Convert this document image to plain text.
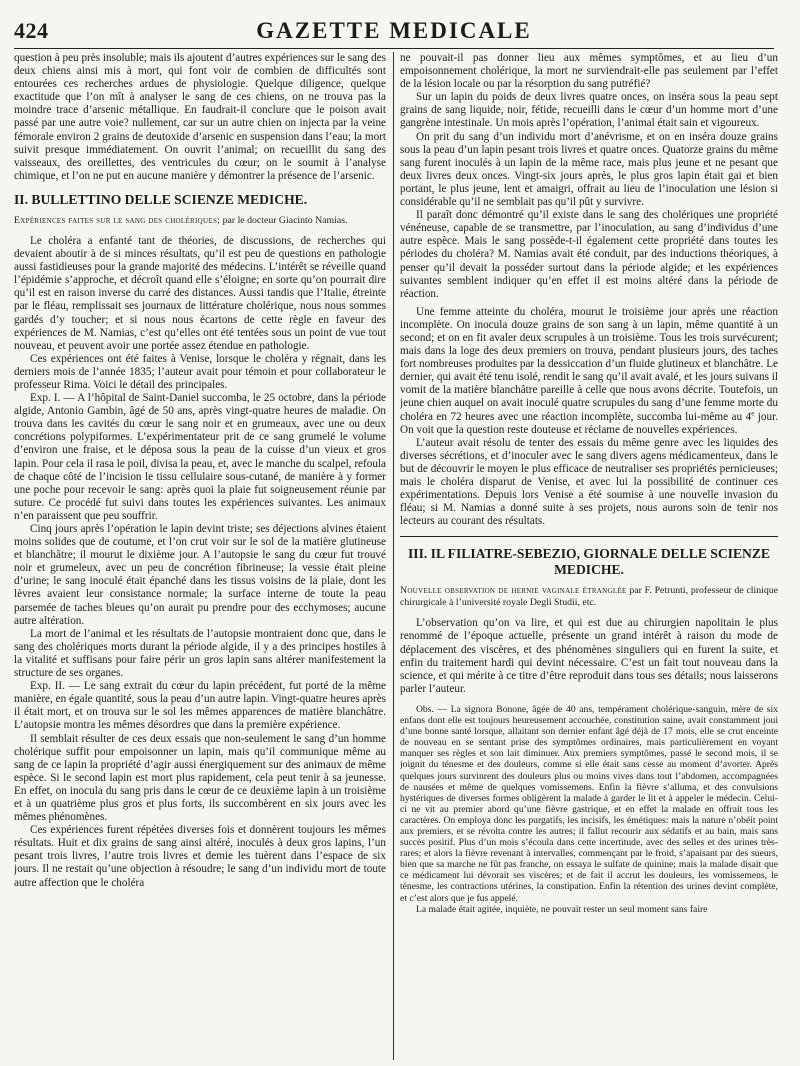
424	GAZETTE MEDICALE

question à peu près insoluble; mais ils ajoutent d’autres expériences sur le sang des deux chiens ainsi mis à mort, qui font voir de combien de difficultés sont entourées ces recherches ardues de physiologie. Quelque diligence, quelque exactitude que l’on mît à analyser le sang de ces chiens, on ne trouva pas la moindre trace d’arsenic métallique. En faudrait-il conclure que le poison avait passé par une autre voie? nullement, car sur un autre chien on injecta par la veine fémorale environ 2 grains de deutoxide d’arsenic en suspension dans l’eau; la mort suivit presque immédiatement. On ouvrit l’animal; on recueillit du sang des vaisseaux, des oreillettes, des ventricules du cœur; on le soumit à l’analyse chimique, et l’on ne put en aucune manière y démontrer la présence de l’arsenic.

II. BULLETTINO DELLE SCIENZE MEDICHE.
Expériences faites sur le sang des cholériques; par le docteur Giacinto Namias.

Le choléra a enfanté tant de théories, de discussions, de recherches qui devaient aboutir à de si minces résultats, qu’il est peu de questions en pathologie aussi fastidieuses pour la grande majorité des médecins. L’intérêt se réveille quand l’épidémie s’approche, et décroît quand elle s’éloigne; en sorte qu’on pourrait dire qu’il est en raison inverse du carré des distances. Aussi tandis que l’Italie, étreinte par le fléau, remplissait ses journaux de littérature cholérique, nous nous sommes gardés d’y toucher; et si nous nous écartons de cette règle en faveur des expériences de M. Namias, c’est qu’elles ont été tentées sous un point de vue tout nouveau, et peuvent avoir une portée assez étendue en pathologie.

Ces expériences ont été faites à Venise, lorsque le choléra y régnait, dans les derniers mois de l’année 1835; l’auteur avait pour témoin et pour collaborateur le professeur Rima. Voici le détail des principales.

Exp. I. — A l’hôpital de Saint-Daniel succomba, le 25 octobre, dans la période algide, Antonio Gambin, âgé de 50 ans, après vingt-quatre heures de maladie. On trouva dans les cavités du cœur le sang noir et en grumeaux, avec une ou deux concrétions polypiformes. L’expérimentateur prit de ce sang grumelé le volume d’environ une fraise, et le déposa sous la peau de la cuisse d’un vieux et gros lapin. Pour cela il rasa le poil, divisa la peau, et, avec le manche du scalpel, refoula de chaque côté de l’incision le tissu cellulaire sous-cutané, de manière à y former une poche pour recevoir le sang: après quoi la plaie fut soigneusement réunie par suture. Ce procédé fut suivi dans toutes les expériences suivantes. Les animaux n’en paraissent que peu souffrir.

Cinq jours après l’opération le lapin devint triste; ses déjections alvines étaient moins solides que de coutume, et l’on crut voir sur le sol de la matière glutineuse et blanchâtre; il mourut le dixième jour. A l’autopsie le sang du cœur fut trouvé noir et grumeleux, avec un peu de concrétion fibrineuse; la vessie était pleine d’urine; le sang inoculé était épanché dans les tissus voisins de la plaie, dont les lèvres avaient leur consistance normale; la surface interne de toute la peau parsemée de taches bleues qu’on aurait pu prendre pour des ecchymoses; aucune autre altération.

La mort de l’animal et les résultats de l’autopsie montraient donc que, dans le sang des cholériques morts durant la période algide, il y a des principes hostiles à la vitalité et suffisans pour faire périr un gros lapin sans altérer manifestement la structure de ses organes.

Exp. II. — Le sang extrait du cœur du lapin précédent, fut porté de la même manière, en égale quantité, sous la peau d’un autre lapin. Vingt-quatre heures après il était mort, et on trouva sur le sol les mêmes apparences de matière blanchâtre. L’autopsie montra les mêmes désordres que dans la première expérience.

Il semblait résulter de ces deux essais que non-seulement le sang d’un homme cholérique suffit pour empoisonner un lapin, mais qu’il communique même au sang de ce lapin la propriété d’agir aussi énergiquement sur des animaux de même espèce. Si le second lapin est mort plus rapidement, cela peut tenir à sa jeunesse. En effet, on inocula du sang pris dans le cœur de ce deuxième lapin à un troisième et à un quatrième plus gros et plus forts, ils succombèrent en six jours avec les mêmes phénomènes.

Ces expériences furent répétées diverses fois et donnèrent toujours les mêmes résultats. Huit et dix grains de sang ainsi altéré, inoculés à deux gros lapins, l’un pesant trois livres, l’autre trois livres et demie les tuèrent dans l’espace de six jours. Il ne restait qu’une objection à résoudre; le sang d’un individu mort de toute autre affection que le choléra

ne pouvait-il pas donner lieu aux mêmes symptômes, et au lieu d’un empoisonnement cholérique, la mort ne surviendrait-elle pas seulement par l’effet de la lésion locale ou par la résorption du sang putréfié?

Sur un lapin du poids de deux livres quatre onces, on inséra sous la peau sept grains de sang liquide, noir, fétide, recueilli dans le cœur d’un homme mort d’une gangrène intestinale. Un mois après l’opération, l’animal était sain et vigoureux.

On prit du sang d’un individu mort d’anévrisme, et on en inséra douze grains sous la peau d’un lapin pesant trois livres et quatre onces. Quatorze grains du même sang furent inoculés à un lapin de la même race, mais plus jeune et ne pesant que deux livres deux onces. Vingt-six jours après, le plus gros lapin était gai et bien portant, le plus jeune, lent et amaigri, offrait au lieu de l’inoculation une lésion si considérable qu’il ne semblait pas qu’il pût y survivre.

Il paraît donc démontré qu’il existe dans le sang des cholériques une propriété vénéneuse, capable de se transmettre, par l’inoculation, au sang d’individus d’une autre espèce. Mais le sang possède-t-il également cette propriété dans toutes les périodes du choléra? M. Namias avait été conduit, par des inductions théoriques, à penser qu’il devait la posséder surtout dans la période algide; et les expériences suivantes semblent indiquer qu’en effet il est moins altéré dans la période de réaction.

Une femme atteinte du choléra, mourut le troisième jour après une réaction incomplète. On inocula douze grains de son sang à un lapin, même quantité à un second; et on en fit avaler deux scrupules à un troisième. Tous les trois survécurent; mais dans la loge des deux premiers on trouva, pendant plusieurs jours, des taches fort nombreuses produites par la dessiccation d’un fluide glutineux et blanchâtre. Le dernier, qui avait été tenu isolé, rendit le sang qu’il avait avalé, et les jours suivans il vomit de la matière blanchâtre pareille à celle que nous avons décrite. Toutefois, un jeune chien auquel on avait inoculé quatre scrupules du sang d’une femme morte du choléra en 72 heures avec une réaction incomplète, succomba lui-même au 4e jour. On voit que la question reste douteuse et réclame de nouvelles expériences.

L’auteur avait résolu de tenter des essais du même genre avec les liquides des diverses sécrétions, et d’inoculer avec le sang divers agens médicamenteux, dans le but de découvrir le moyen le plus efficace de neutraliser ses propriétés pernicieuses; mais le choléra disparut de Venise, et avec lui la possibilité de continuer ces expérimentations. Depuis lors Venise a été soumise à une nouvelle invasion du fléau; si M. Namias a donné suite à ses projets, nous aurons soin de tenir nos lecteurs au courant des résultats.

III. IL FILIATRE-SEBEZIO, GIORNALE DELLE SCIENZE MEDICHE.
Nouvelle observation de hernie vaginale étranglée par F. Petrunti, professeur de clinique chirurgicale à l’université royale Degli Studii, etc.

L’observation qu’on va lire, et qui est due au chirurgien napolitain le plus renommé de l’époque actuelle, présente un grand intérêt à raison du mode de déplacement des viscères, et des phénomènes singuliers qui en furent la suite, et enfin du traitement hardi qui devint nécessaire. C’est un fait tout nouveau dans la science, et qui mérite à ce titre d’être reproduit dans tous ses détails; nous laisserons parler l’auteur.

Obs. — La signora Bonone, âgée de 40 ans, tempérament cholérique-sanguin, mère de six enfans dont elle est toujours heureusement accouchée, constitution saine, avait constamment joui d’une bonne santé lorsque, allaitant son dernier enfant âgé déjà de 17 mois, elle se crut enceinte de nouveau en se sentant prise des symptômes ordinaires, mais particulièrement en voyant manquer ses règles et son lait diminuer. Aux premiers symptômes, passé le second mois, il se joignit du ténesme et des douleurs, comme si elle était sans cesse au moment d’avorter. Après quelques jours survinrent des douleurs plus ou moins vives dans tout l’abdomen, accompagnées de nausées et même de quelques vomissemens. Enfin la fièvre s’alluma, et des convulsions hystériques de diverses formes obligèrent la malade à garder le lit et à appeler le médecin. Celui-ci ne vit au premier abord qu’une fièvre gastrique, et en effet la malade en offrait tous les caractères. On employa donc les purgatifs, les incisifs, les émétiques: mais la nature n’obéit point aux premiers, et se révolta contre les autres; il fallut recourir aux sédatifs et au bain, mais sans succès positif. Plus d’un mois s’écoula dans cette incertitude, avec des selles et des urines très-rares; et alors la fièvre revenant à intervalles, commençant par le froid, s’apaisant par des sueurs, bien que sa marche ne fût pas franche, on essaya le sulfate de quinine; mais la malade disait que ce médicament lui dévorait ses viscères; et de fait il accrut les douleurs, les vomissemens, le ténesme, les contractions utérines, la constipation. Enfin la rétention des urines devint complète, et c’est alors que je fus appelé.

La malade était agitée, inquiète, ne pouvait rester un seul moment sans faire
